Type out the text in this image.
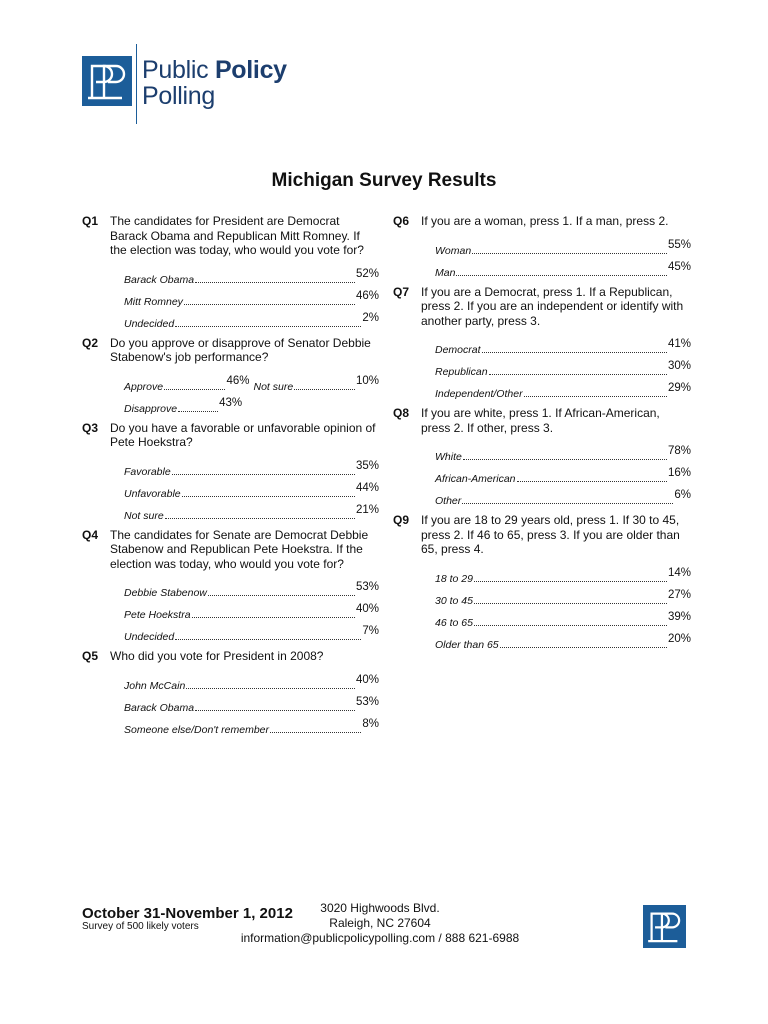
Public Policy
Polling
Michigan Survey Results
Q1 The candidates for President are Democrat Barack Obama and Republican Mitt Romney. If the election was today, who would you vote for?
Barack Obama	52%
Mitt Romney	46%
Undecided	2%
Q2 Do you approve or disapprove of Senator Debbie Stabenow's job performance?
Approve	46% Not sure	10%
Disapprove	43%
Q3 Do you have a favorable or unfavorable opinion of Pete Hoekstra?
Favorable	35%
Unfavorable	44%
Not sure	21%
Q4 The candidates for Senate are Democrat Debbie Stabenow and Republican Pete Hoekstra. If the election was today, who would you vote for?
Debbie Stabenow	53%
Pete Hoekstra	40%
Undecided	7%
Q5 Who did you vote for President in 2008?
John McCain	40%
Barack Obama	53%
Someone else/Don't remember	8%
Q6 If you are a woman, press 1. If a man, press 2.
Woman	55%
Man	45%
Q7 If you are a Democrat, press 1. If a Republican, press 2. If you are an independent or identify with another party, press 3.
Democrat	41%
Republican	30%
Independent/Other	29%
Q8 If you are white, press 1. If African-American, press 2. If other, press 3.
White	78%
African-American	16%
Other	6%
Q9 If you are 18 to 29 years old, press 1. If 30 to 45, press 2. If 46 to 65, press 3. If you are older than 65, press 4.
18 to 29	14%
30 to 45	27%
46 to 65	39%
Older than 65	20%
October 31-November 1, 2012
Survey of 500 likely voters
3020 Highwoods Blvd.
Raleigh, NC 27604
information@publicpolicypolling.com / 888 621-6988
